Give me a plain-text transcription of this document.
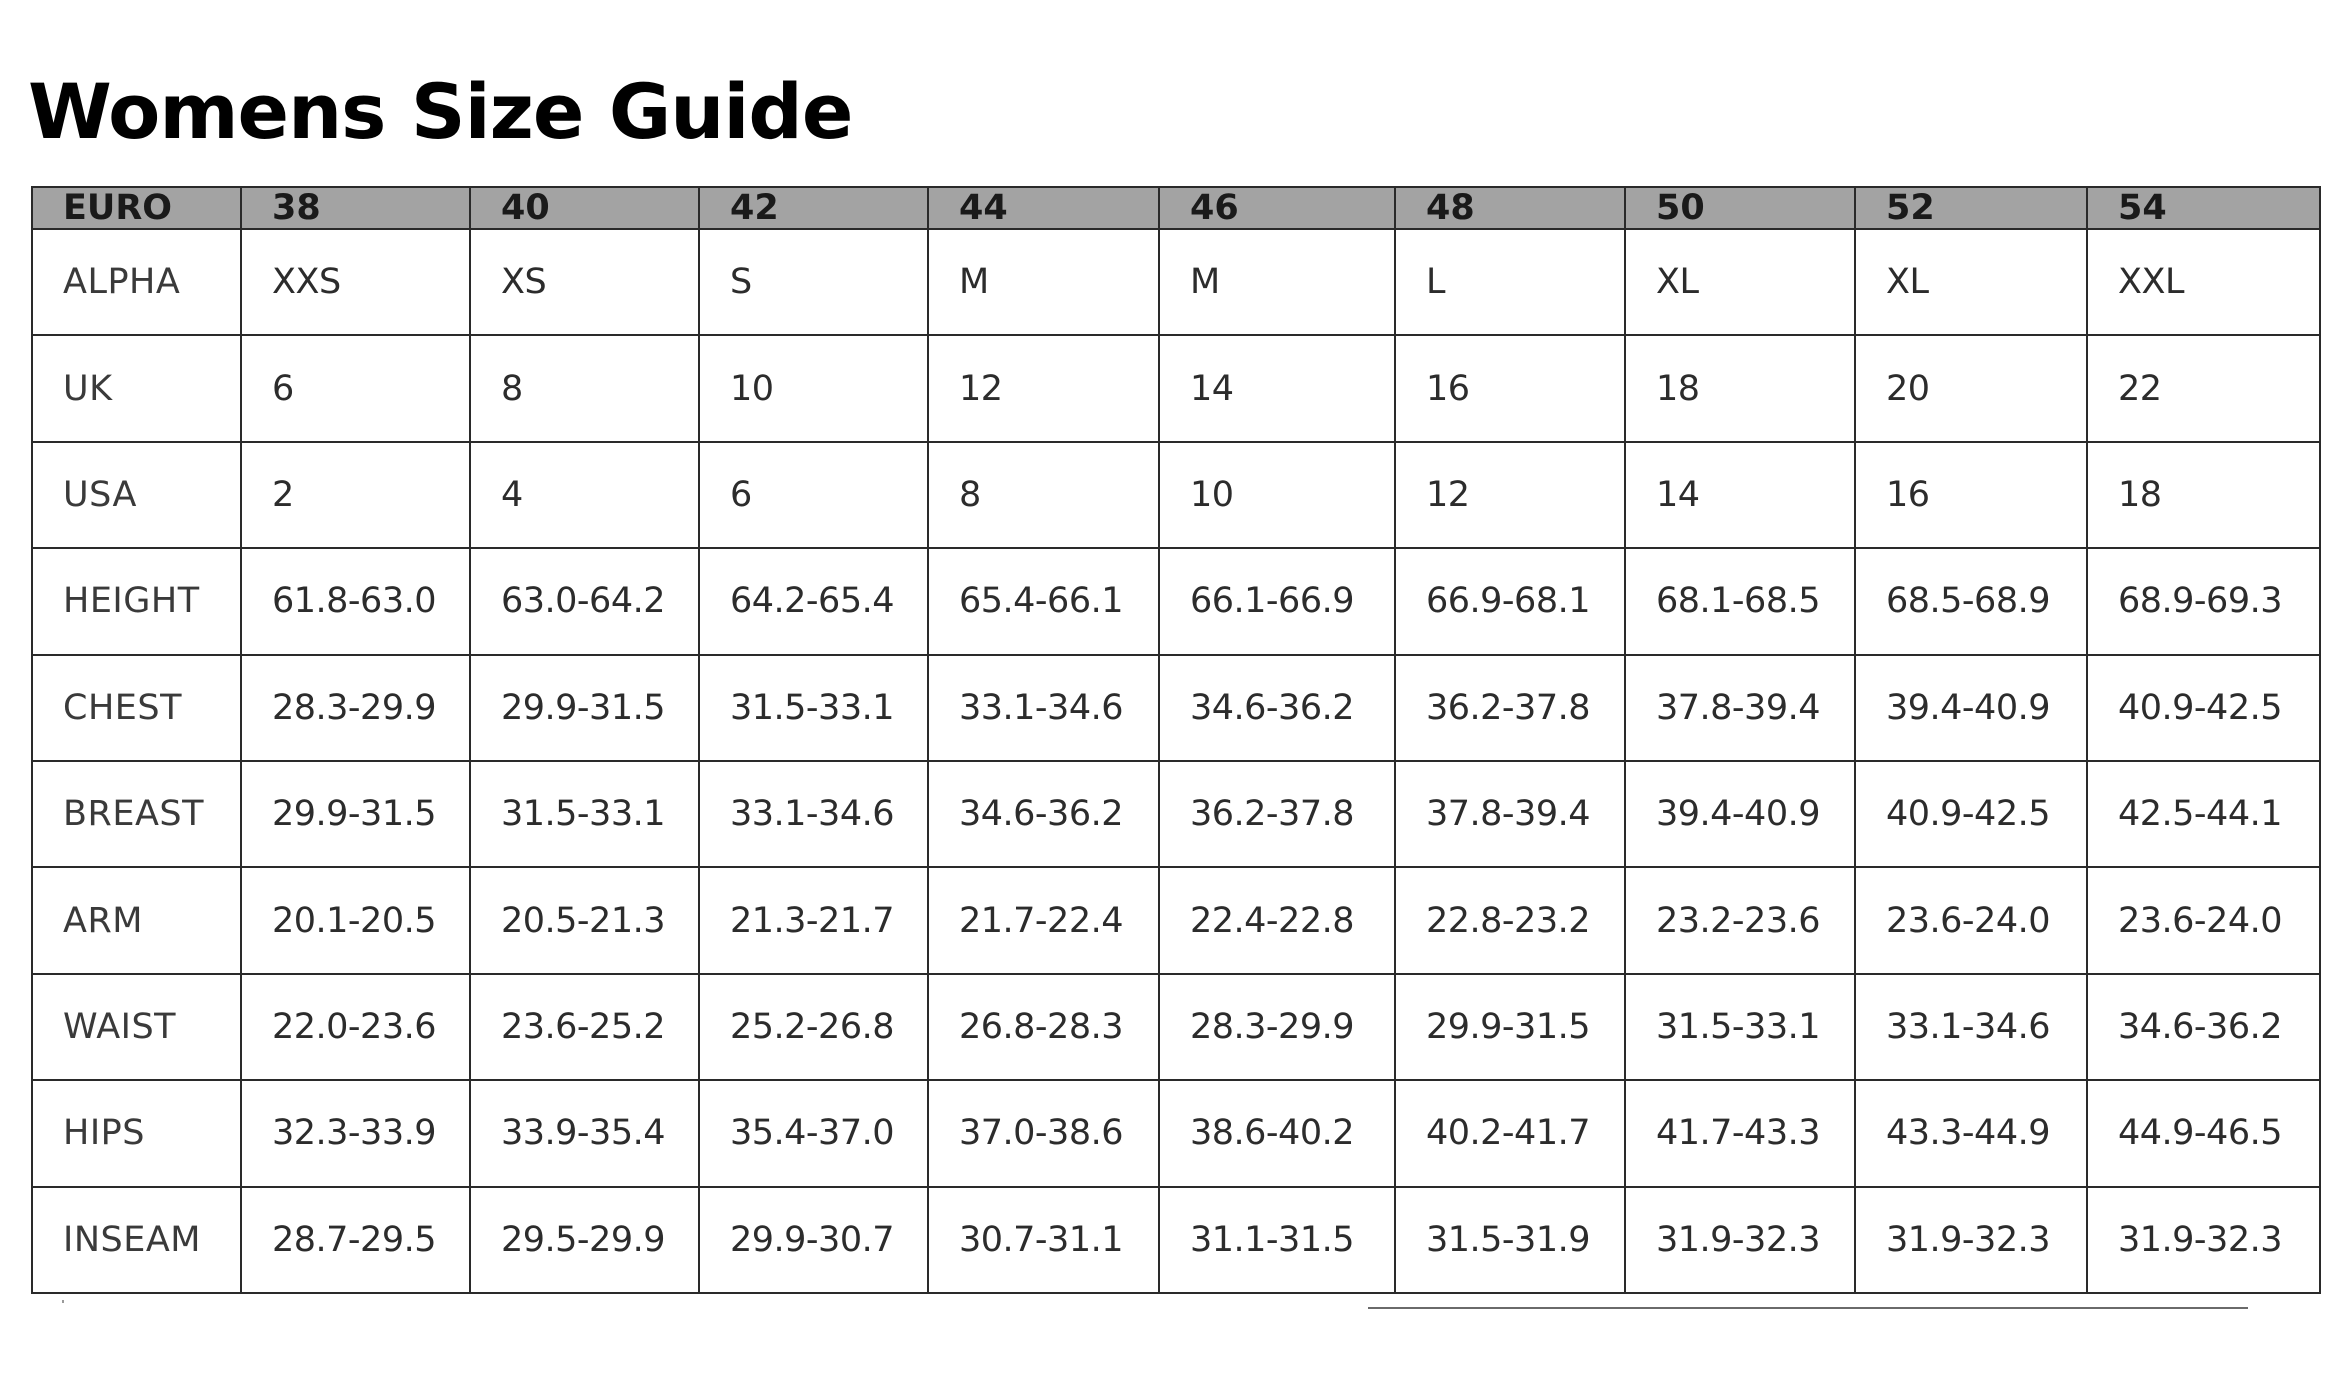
Womens Size Guide
EURO	38	40	42	44	46	48	50	52	54
ALPHA	XXS	XS	S	M	M	L	XL	XL	XXL
UK	6	8	10	12	14	16	18	20	22
USA	2	4	6	8	10	12	14	16	18
HEIGHT	61.8-63.0	63.0-64.2	64.2-65.4	65.4-66.1	66.1-66.9	66.9-68.1	68.1-68.5	68.5-68.9	68.9-69.3
CHEST	28.3-29.9	29.9-31.5	31.5-33.1	33.1-34.6	34.6-36.2	36.2-37.8	37.8-39.4	39.4-40.9	40.9-42.5
BREAST	29.9-31.5	31.5-33.1	33.1-34.6	34.6-36.2	36.2-37.8	37.8-39.4	39.4-40.9	40.9-42.5	42.5-44.1
ARM	20.1-20.5	20.5-21.3	21.3-21.7	21.7-22.4	22.4-22.8	22.8-23.2	23.2-23.6	23.6-24.0	23.6-24.0
WAIST	22.0-23.6	23.6-25.2	25.2-26.8	26.8-28.3	28.3-29.9	29.9-31.5	31.5-33.1	33.1-34.6	34.6-36.2
HIPS	32.3-33.9	33.9-35.4	35.4-37.0	37.0-38.6	38.6-40.2	40.2-41.7	41.7-43.3	43.3-44.9	44.9-46.5
INSEAM	28.7-29.5	29.5-29.9	29.9-30.7	30.7-31.1	31.1-31.5	31.5-31.9	31.9-32.3	31.9-32.3	31.9-32.3
